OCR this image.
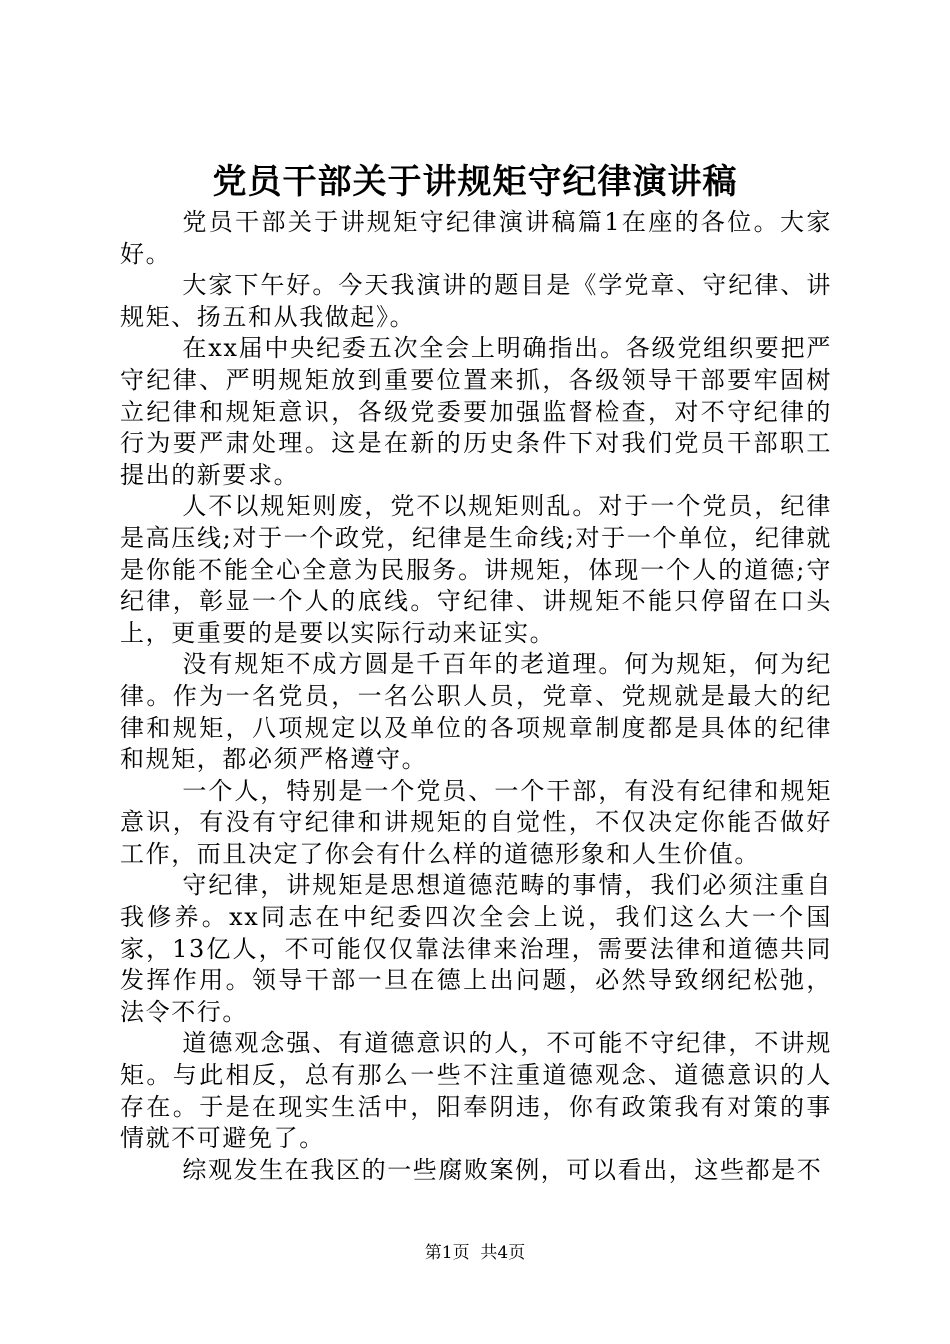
党员干部关于讲规矩守纪律演讲稿

党员干部关于讲规矩守纪律演讲稿篇1在座的各位。大家好。

大家下午好。今天我演讲的题目是《学党章、守纪律、讲规矩、扬五和从我做起》。

在xx届中央纪委五次全会上明确指出。各级党组织要把严守纪律、严明规矩放到重要位置来抓，各级领导干部要牢固树立纪律和规矩意识，各级党委要加强监督检查，对不守纪律的行为要严肃处理。这是在新的历史条件下对我们党员干部职工提出的新要求。

人不以规矩则废，党不以规矩则乱。对于一个党员，纪律是高压线;对于一个政党，纪律是生命线;对于一个单位，纪律就是你能不能全心全意为民服务。讲规矩，体现一个人的道德;守纪律，彰显一个人的底线。守纪律、讲规矩不能只停留在口头上，更重要的是要以实际行动来证实。

没有规矩不成方圆是千百年的老道理。何为规矩，何为纪律。作为一名党员，一名公职人员，党章、党规就是最大的纪律和规矩，八项规定以及单位的各项规章制度都是具体的纪律和规矩，都必须严格遵守。

一个人，特别是一个党员、一个干部，有没有纪律和规矩意识，有没有守纪律和讲规矩的自觉性，不仅决定你能否做好工作，而且决定了你会有什么样的道德形象和人生价值。

守纪律，讲规矩是思想道德范畴的事情，我们必须注重自我修养。xx同志在中纪委四次全会上说，我们这么大一个国家，13亿人，不可能仅仅靠法律来治理，需要法律和道德共同发挥作用。领导干部一旦在德上出问题，必然导致纲纪松弛，法令不行。

道德观念强、有道德意识的人，不可能不守纪律，不讲规矩。与此相反，总有那么一些不注重道德观念、道德意识的人存在。于是在现实生活中，阳奉阴违，你有政策我有对策的事情就不可避免了。

综观发生在我区的一些腐败案例，可以看出，这些都是不

第1页  共4页
